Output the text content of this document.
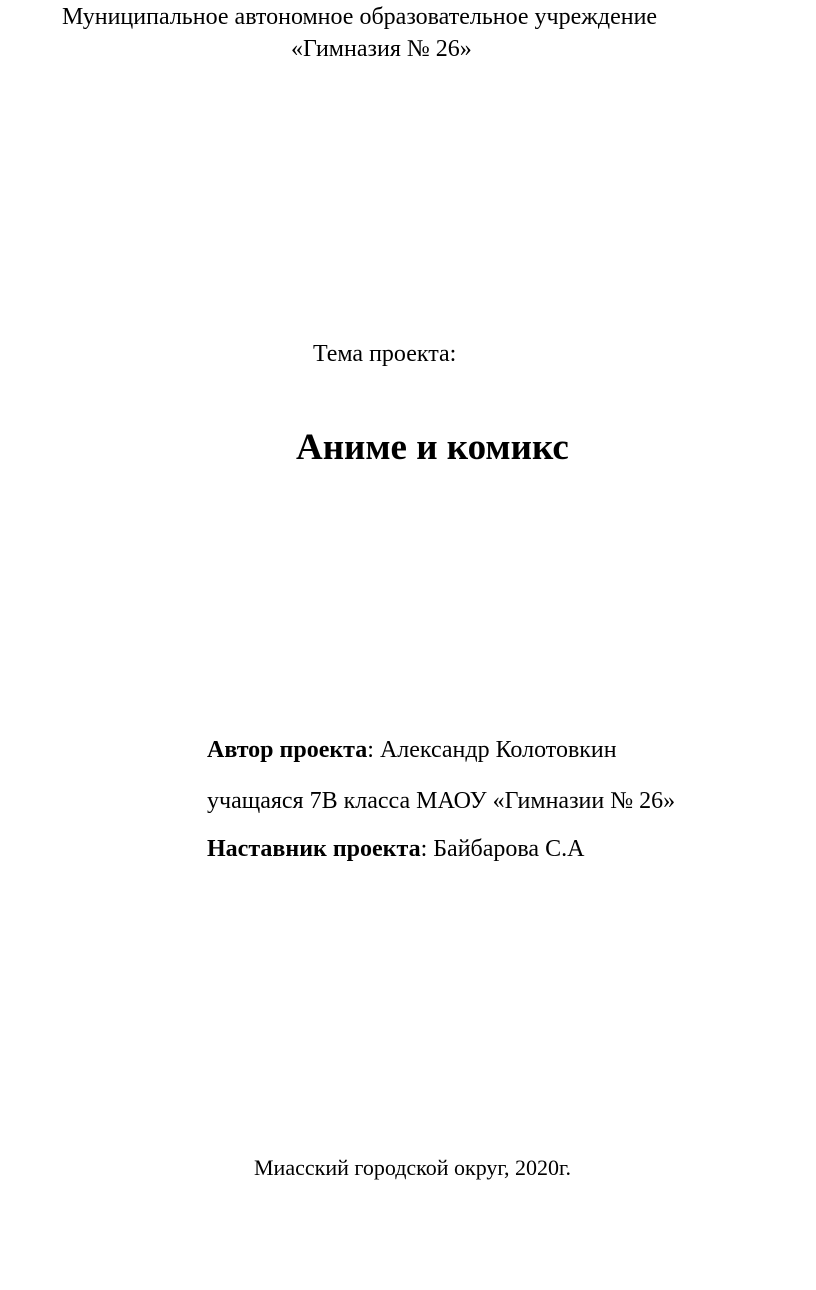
Муниципальное автономное образовательное учреждение
«Гимназия № 26»
Тема проекта:
Аниме и комикс
Автор проекта: Александр Колотовкин
учащаяся 7В класса МАОУ «Гимназии № 26»
Наставник проекта: Байбарова С.А
Миасский городской округ, 2020г.
